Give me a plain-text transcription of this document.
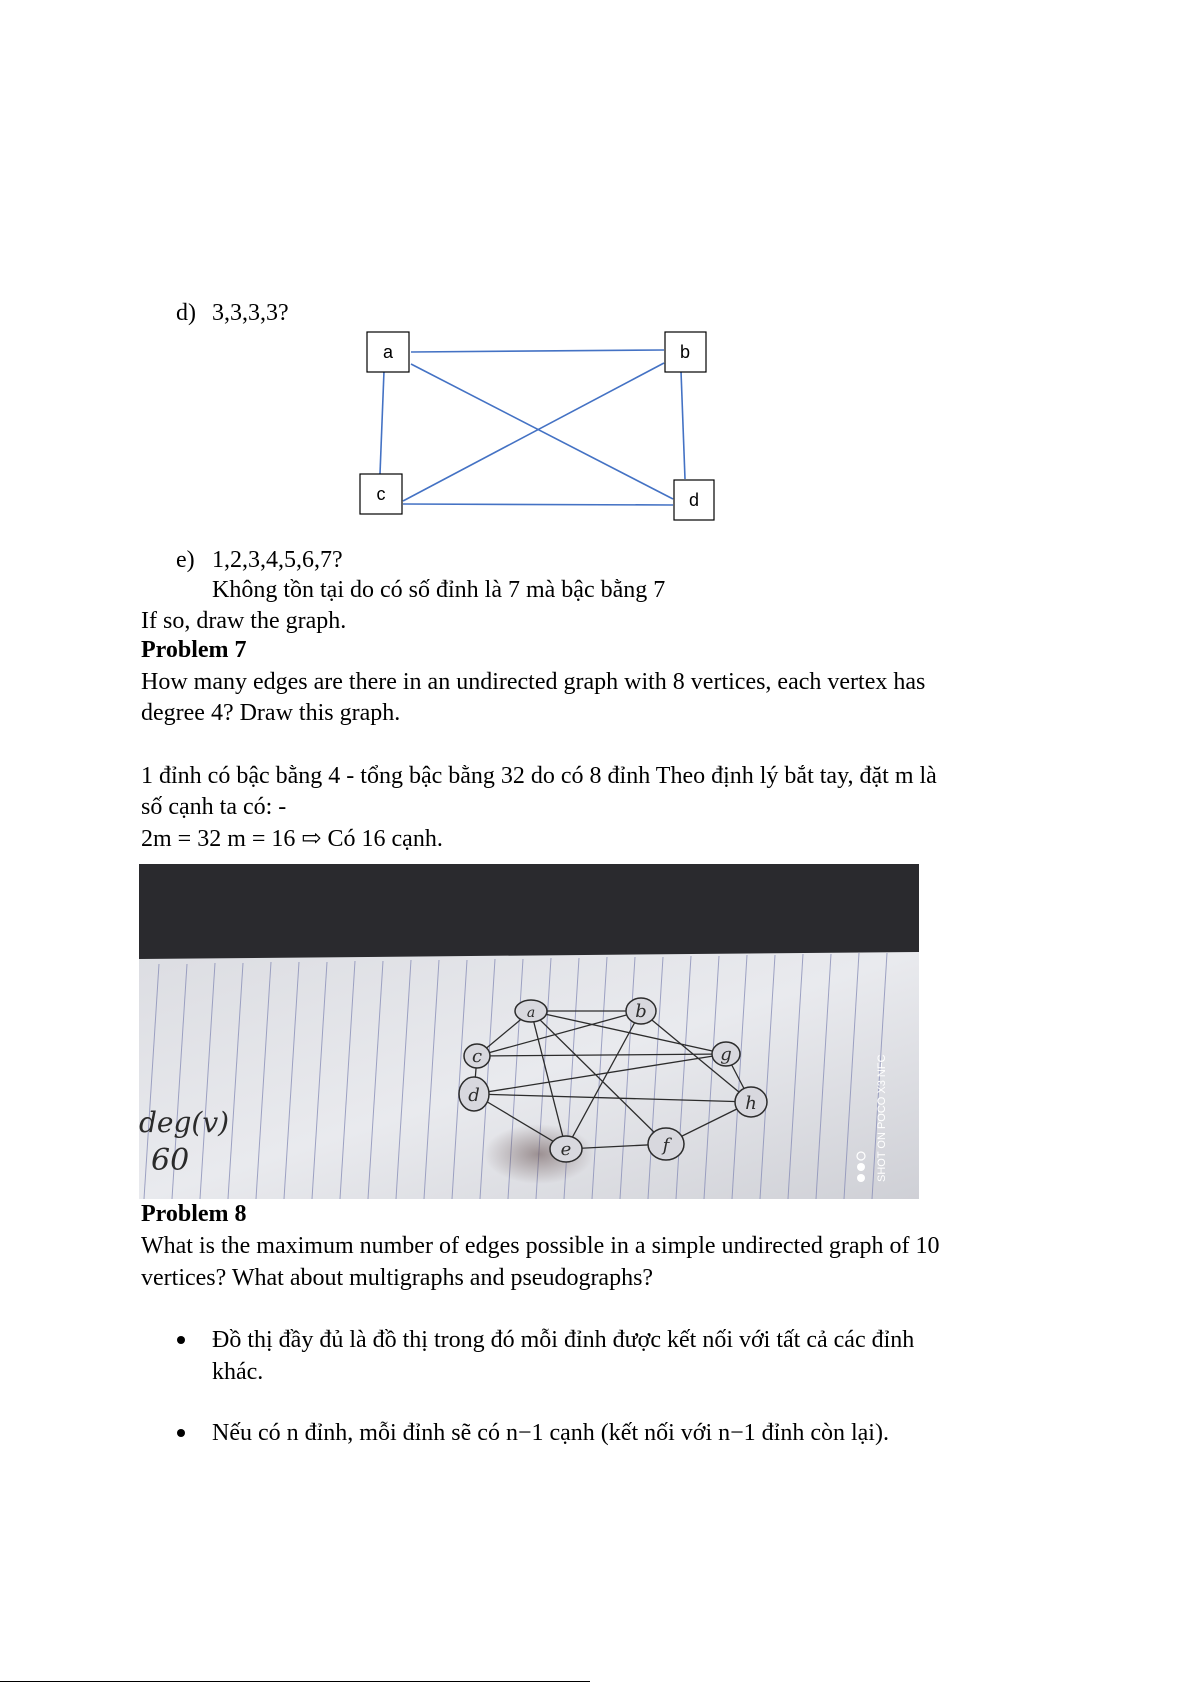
d) 3,3,3,3?
a	b
c	d
e) 1,2,3,4,5,6,7?
Không tồn tại do có số đỉnh là 7 mà bậc bằng 7
If so, draw the graph.
Problem 7
How many edges are there in an undirected graph with 8 vertices, each vertex has
degree 4? Draw this graph.
1 đỉnh có bậc bằng 4 - tổng bậc bằng 32 do có 8 đỉnh Theo định lý bắt tay, đặt m là
số cạnh ta có: -
2m = 32 m = 16 ⇨ Có 16 cạnh.
a	b
c
d
e	f
g
h
deg(v)
60	SHOT ON POCO X3 NFC
Problem 8
What is the maximum number of edges possible in a simple undirected graph of 10
vertices? What about multigraphs and pseudographs?
Đồ thị đầy đủ là đồ thị trong đó mỗi đỉnh được kết nối với tất cả các đỉnh
khác.
Nếu có n đỉnh, mỗi đỉnh sẽ có n−1 cạnh (kết nối với n−1 đỉnh còn lại).
